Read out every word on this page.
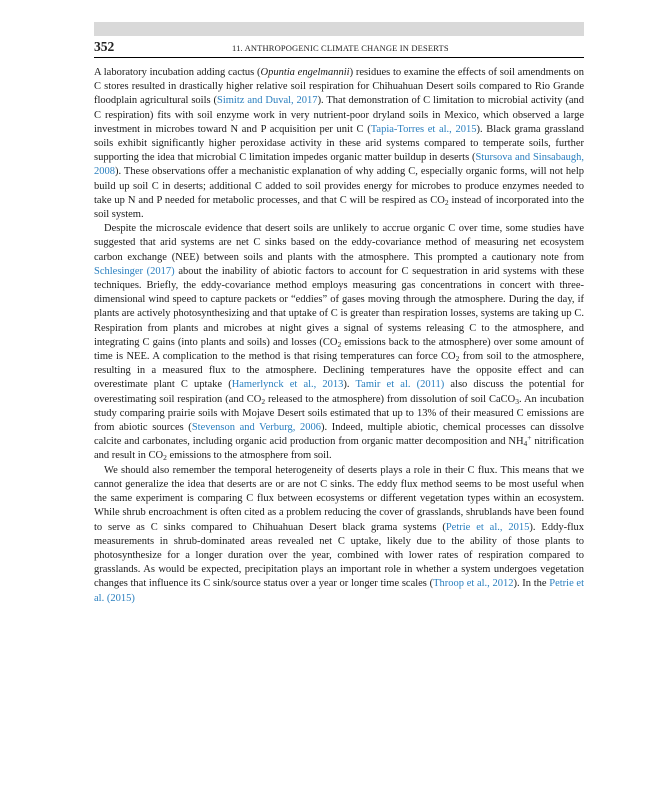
352	11. ANTHROPOGENIC CLIMATE CHANGE IN DESERTS

A laboratory incubation adding cactus (Opuntia engelmannii) residues to examine the effects of soil amendments on C stores resulted in drastically higher relative soil respiration for Chihuahuan Desert soils compared to Rio Grande floodplain agricultural soils (Simitz and Duval, 2017). That demonstration of C limitation to microbial activity (and C respiration) fits with soil enzyme work in very nutrient-poor dryland soils in Mexico, which observed a large investment in microbes toward N and P acquisition per unit C (Tapia-Torres et al., 2015). Black grama grassland soils exhibit significantly higher peroxidase activity in these arid systems compared to temperate soils, further supporting the idea that microbial C limitation impedes organic matter buildup in deserts (Stursova and Sinsabaugh, 2008). These observations offer a mechanistic explanation of why adding C, especially organic forms, will not help build up soil C in deserts; additional C added to soil provides energy for microbes to produce enzymes needed to take up N and P needed for metabolic processes, and that C will be respired as $CO_2$ instead of incorporated into the soil system.

Despite the microscale evidence that desert soils are unlikely to accrue organic C over time, some studies have suggested that arid systems are net C sinks based on the eddy-covariance method of measuring net ecosystem carbon exchange (NEE) between soils and plants with the atmosphere. This prompted a cautionary note from Schlesinger (2017) about the inability of abiotic factors to account for C sequestration in arid systems with these techniques. Briefly, the eddy-covariance method employs measuring gas concentrations in concert with three-dimensional wind speed to capture packets or “eddies” of gases moving through the atmosphere. During the day, if plants are actively photosynthesizing and that uptake of C is greater than respiration losses, systems are taking up C. Respiration from plants and microbes at night gives a signal of systems releasing C to the atmosphere, and integrating C gains (into plants and soils) and losses ($CO_2$ emissions back to the atmosphere) over some amount of time is NEE. A complication to the method is that rising temperatures can force $CO_2$ from soil to the atmosphere, resulting in a measured flux to the atmosphere. Declining temperatures have the opposite effect and can overestimate plant C uptake (Hamerlynck et al., 2013). Tamir et al. (2011) also discuss the potential for overestimating soil respiration (and $CO_2$ released to the atmosphere) from dissolution of soil CaCO$_3$. An incubation study comparing prairie soils with Mojave Desert soils estimated that up to 13% of their measured C emissions are from abiotic sources (Stevenson and Verburg, 2006). Indeed, multiple abiotic, chemical processes can dissolve calcite and carbonates, including organic acid production from organic matter decomposition and $NH_4^+$ nitrification and result in $CO_2$ emissions to the atmosphere from soil.

We should also remember the temporal heterogeneity of deserts plays a role in their C flux. This means that we cannot generalize the idea that deserts are or are not C sinks. The eddy flux method seems to be most useful when the same experiment is comparing C flux between ecosystems or different vegetation types within an ecosystem. While shrub encroachment is often cited as a problem reducing the cover of grasslands, shrublands have been found to serve as C sinks compared to Chihuahuan Desert black grama systems (Petrie et al., 2015). Eddy-flux measurements in shrub-dominated areas revealed net C uptake, likely due to the ability of those plants to photosynthesize for a longer duration over the year, combined with lower rates of respiration compared to grasslands. As would be expected, precipitation plays an important role in whether a system undergoes vegetation changes that influence its C sink/source status over a year or longer time scales (Throop et al., 2012). In the Petrie et al. (2015)
